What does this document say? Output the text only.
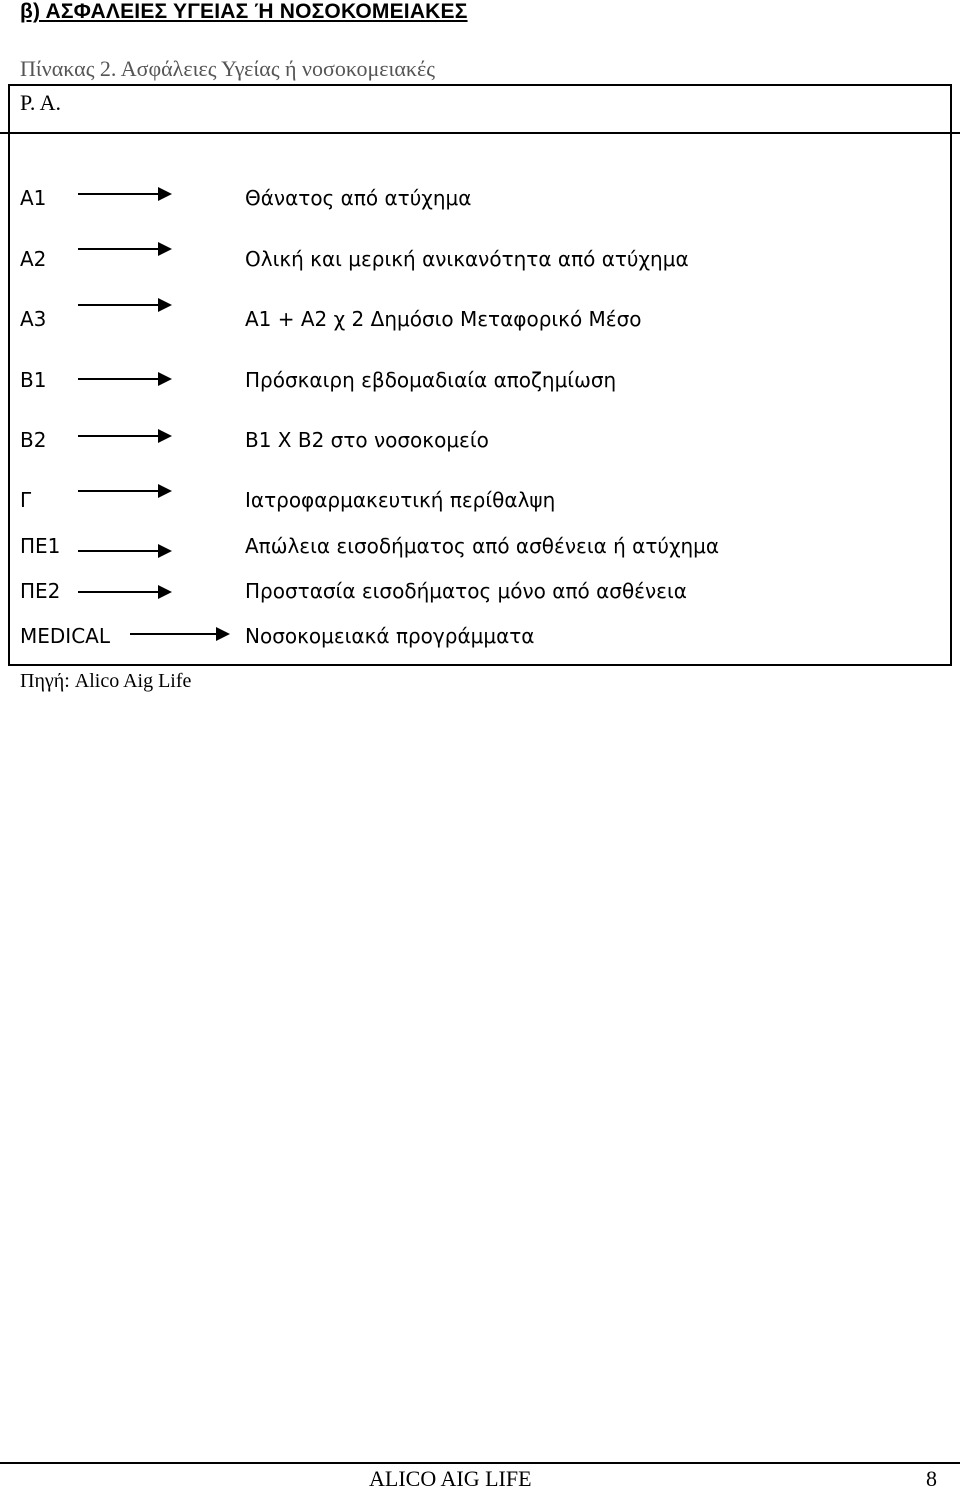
β) ΑΣΦΑΛΕΙΕΣ ΥΓΕΙΑΣ Ή ΝΟΣΟΚΟΜΕΙΑΚΕΣ
Πίνακας 2. Ασφάλειες Υγείας ή νοσοκομειακές
Ρ. Α.
Α1	Θάνατος από ατύχημα
Α2	Ολική και μερική ανικανότητα από ατύχημα
Α3	Α1 + Α2 χ 2 Δημόσιο Μεταφορικό Μέσο
Β1	Πρόσκαιρη εβδομαδιαία αποζημίωση
Β2	Β1 Χ Β2 στο νοσοκομείο
Γ	Ιατροφαρμακευτική περίθαλψη
ΠΕ1	Απώλεια εισοδήματος από ασθένεια ή ατύχημα
ΠΕ2	Προστασία εισοδήματος μόνο από ασθένεια
MEDICAL	Νοσοκομειακά προγράμματα
Πηγή: Alico Aig Life
ALICO AIG LIFE	8
